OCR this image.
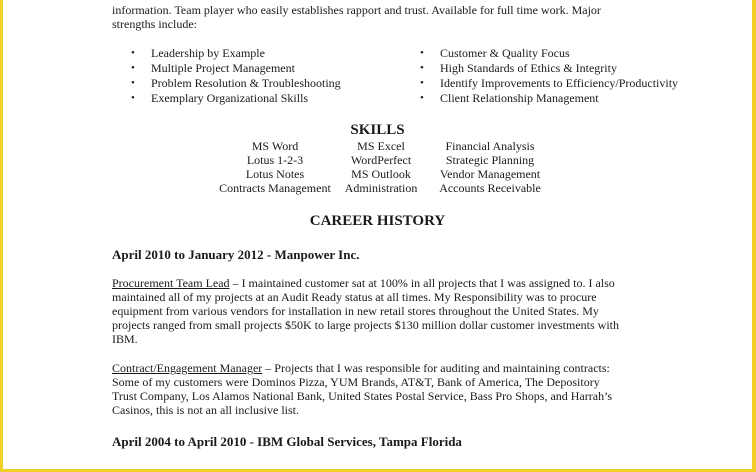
information. Team player who easily establishes rapport and trust. Available for full time work. Major
strengths include:
• Leadership by Example
• Multiple Project Management
• Problem Resolution & Troubleshooting
• Exemplary Organizational Skills
• Customer & Quality Focus
• High Standards of Ethics & Integrity
• Identify Improvements to Efficiency/Productivity
• Client Relationship Management
SKILLS
MS Word	MS Excel	Financial Analysis
Lotus 1-2-3	WordPerfect	Strategic Planning
Lotus Notes	MS Outlook	Vendor Management
Contracts Management	Administration	Accounts Receivable
CAREER HISTORY
April 2010 to January 2012 - Manpower Inc.
Procurement Team Lead – I maintained customer sat at 100% in all projects that I was assigned to. I also
maintained all of my projects at an Audit Ready status at all times. My Responsibility was to procure
equipment from various vendors for installation in new retail stores throughout the United States. My
projects ranged from small projects $50K to large projects $130 million dollar customer investments with
IBM.
Contract/Engagement Manager – Projects that I was responsible for auditing and maintaining contracts:
Some of my customers were Dominos Pizza, YUM Brands, AT&T, Bank of America, The Depository
Trust Company, Los Alamos National Bank, United States Postal Service, Bass Pro Shops, and Harrah’s
Casinos, this is not an all inclusive list.
April 2004 to April 2010 - IBM Global Services, Tampa Florida
